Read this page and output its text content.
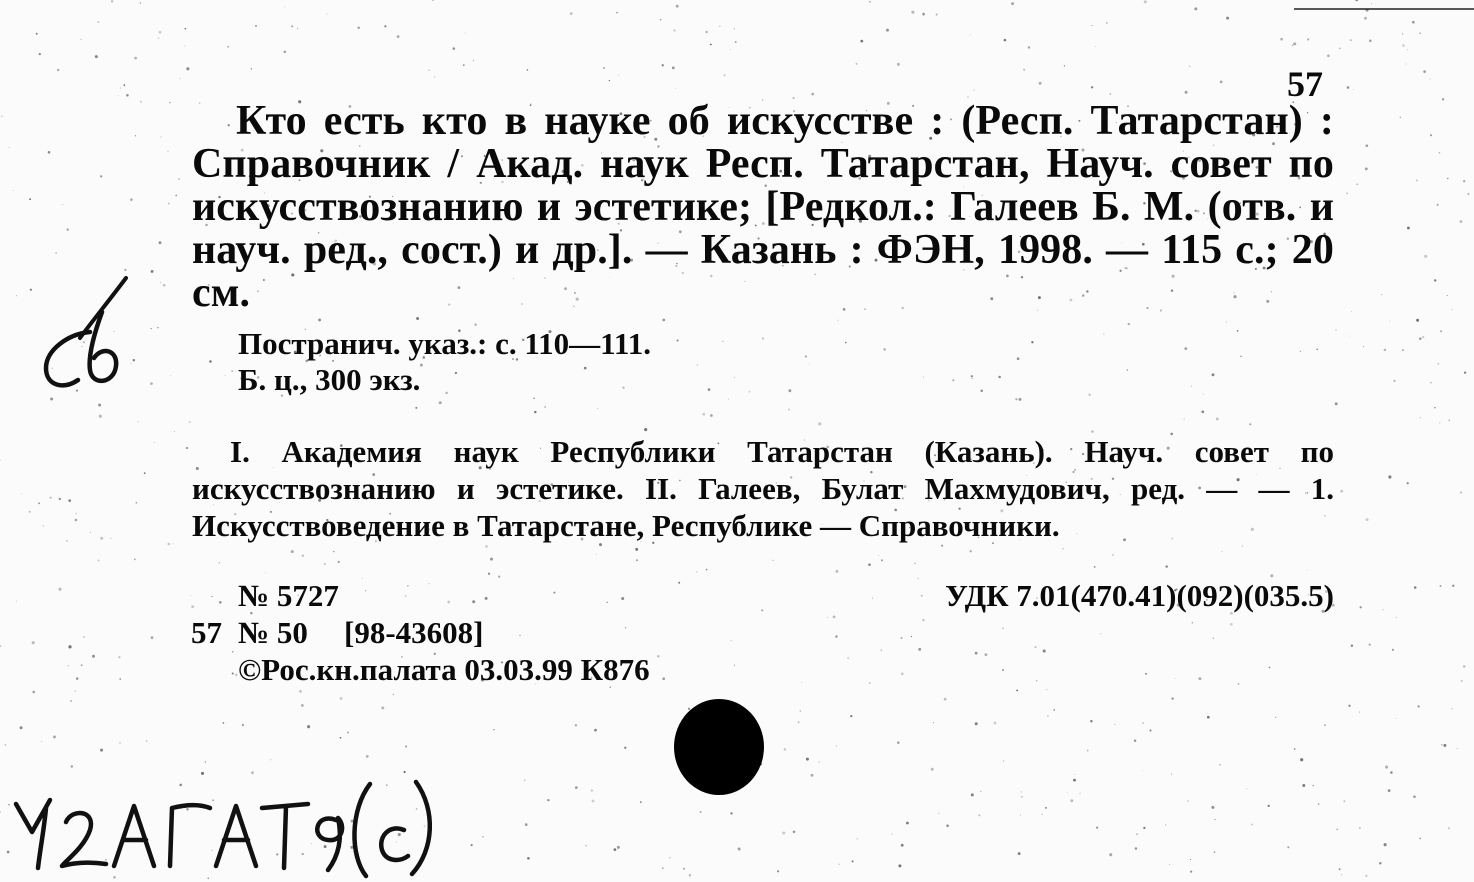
57
Кто есть кто в науке об искусстве : (Респ. Татарстан) : Справочник / Акад. наук Респ. Татарстан, Науч. совет по искусствознанию и эстетике; [Редкол.: Галеев Б. М. (отв. и науч. ред., сост.) и др.]. — Казань : ФЭН, 1998. — 115 с.; 20 см.
Постранич. указ.: с. 110—111.
Б. ц., 300 экз.
I. Академия наук Республики Татарстан (Казань). Науч. совет по искусствознанию и эстетике. II. Галеев, Булат Махмудович, ред. — — 1. Искусствоведение в Татарстане, Республике — Справочники.
№ 5727	УДК 7.01(470.41)(092)(035.5)
57 № 50 [98-43608]
©Рос.кн.палата 03.03.99 К876
